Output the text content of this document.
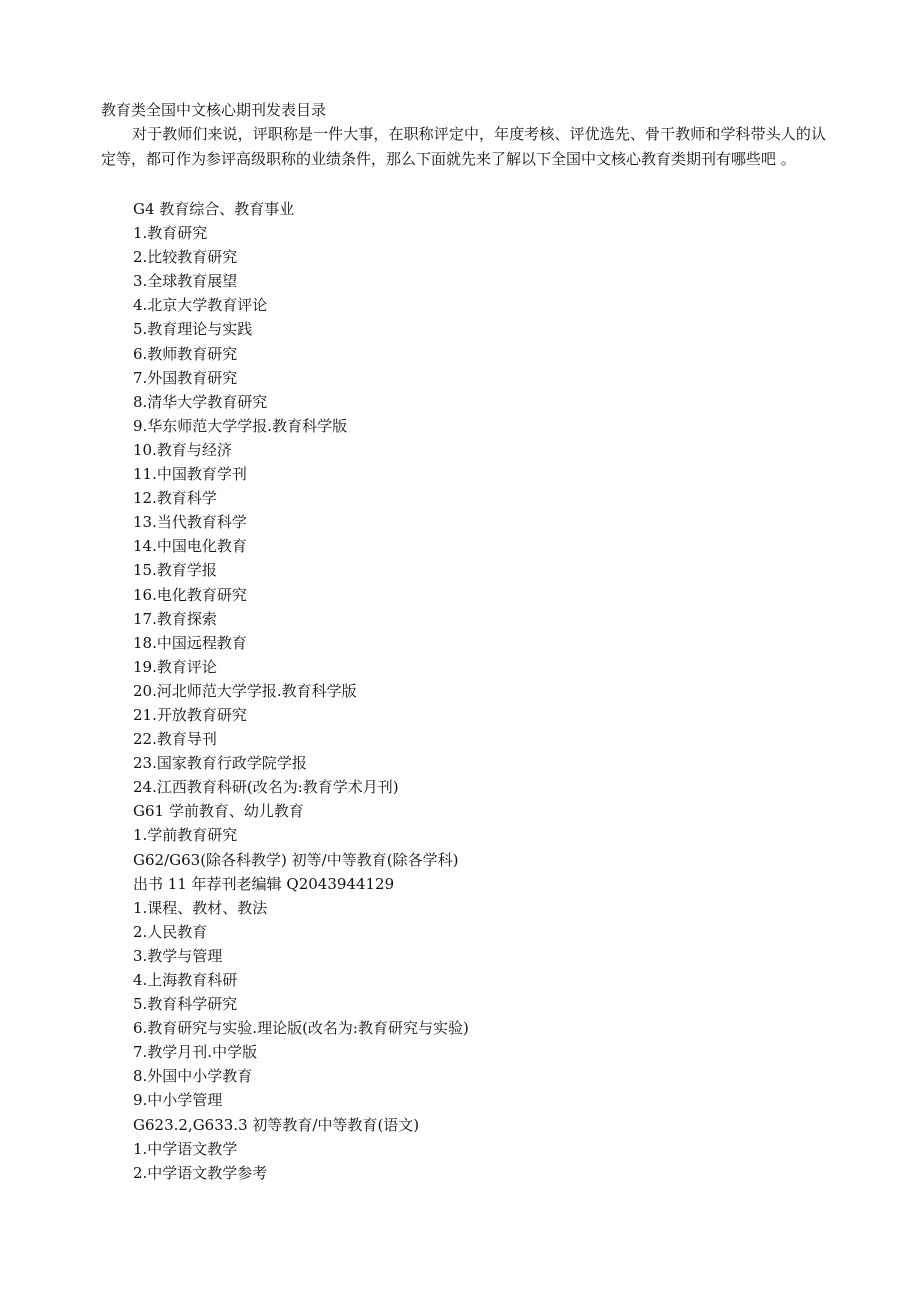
教育类全国中文核心期刊发表目录

对于教师们来说，评职称是一件大事，在职称评定中，年度考核、评优选先、骨干教师和学科带头人的认定等，都可作为参评高级职称的业绩条件，那么下面就先来了解以下全国中文核心教育类期刊有哪些吧 。

G4 教育综合、教育事业
1.教育研究
2.比较教育研究
3.全球教育展望
4.北京大学教育评论
5.教育理论与实践
6.教师教育研究
7.外国教育研究
8.清华大学教育研究
9.华东师范大学学报.教育科学版
10.教育与经济
11.中国教育学刊
12.教育科学
13.当代教育科学
14.中国电化教育
15.教育学报
16.电化教育研究
17.教育探索
18.中国远程教育
19.教育评论
20.河北师范大学学报.教育科学版
21.开放教育研究
22.教育导刊
23.国家教育行政学院学报
24.江西教育科研(改名为:教育学术月刊)
G61 学前教育、幼儿教育
1.学前教育研究
G62/G63(除各科教学) 初等/中等教育(除各学科)
出书 11 年荐刊老编辑 Q2043944129
1.课程、教材、教法
2.人民教育
3.教学与管理
4.上海教育科研
5.教育科学研究
6.教育研究与实验.理论版(改名为:教育研究与实验)
7.教学月刊.中学版
8.外国中小学教育
9.中小学管理
G623.2,G633.3 初等教育/中等教育(语文)
1.中学语文教学
2.中学语文教学参考
